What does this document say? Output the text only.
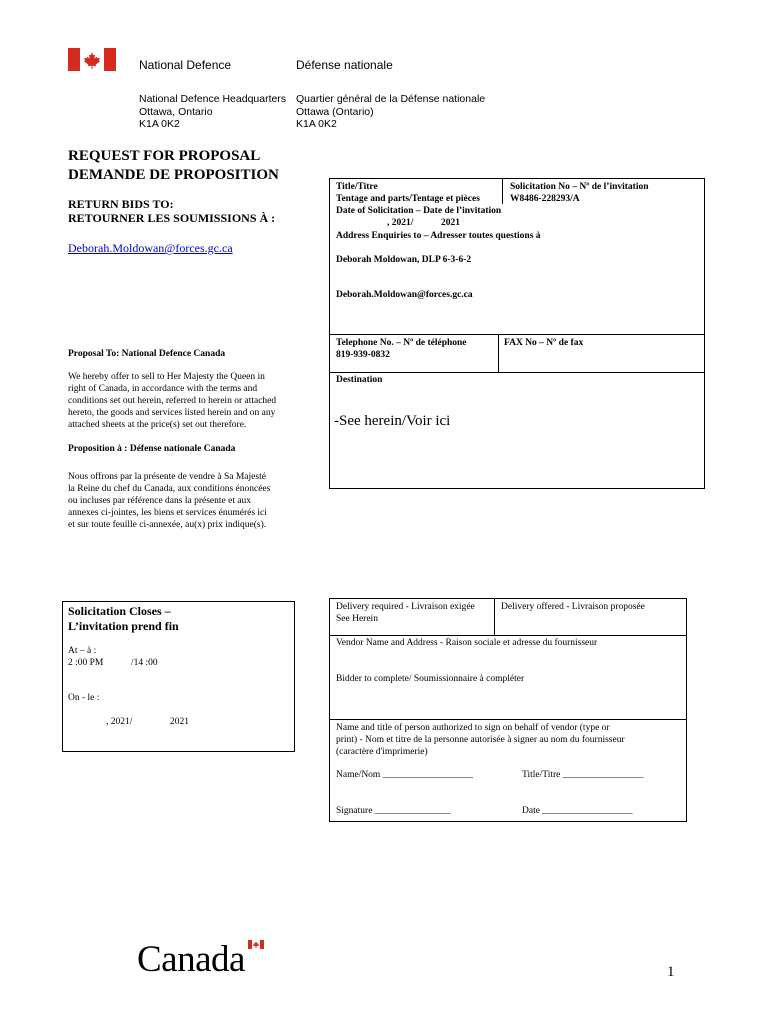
National Defence	Défense nationale
National Defence Headquarters
Ottawa, Ontario
K1A 0K2
Quartier général de la Défense nationale
Ottawa (Ontario)
K1A 0K2
REQUEST FOR PROPOSAL
DEMANDE DE PROPOSITION
RETURN BIDS TO:
RETOURNER LES SOUMISSIONS À :
Deborah.Moldowan@forces.gc.ca
Proposal To: National Defence Canada
We hereby offer to sell to Her Majesty the Queen in
right of Canada, in accordance with the terms and
conditions set out herein, referred to herein or attached
hereto, the goods and services listed herein and on any
attached sheets at the price(s) set out therefore.
Proposition à : Défense nationale Canada
Nous offrons par la présente de vendre à Sa Majesté
la Reine du chef du Canada, aux conditions énoncées
ou incluses par référence dans la présente et aux
annexes ci-jointes, les biens et services énumérés ici
et sur toute feuille ci-annexée, au(x) prix indique(s).
Solicitation Closes –
L’invitation prend fin
At – à :
2 :00 PM	/14 :00
On - le :
, 2021/	2021
Title/Titre
Tentage and parts/Tentage et pièces
Solicitation No – Nº de l’invitation
W8486-228293/A
Date of Solicitation – Date de l’invitation
, 2021/	2021
Address Enquiries to – Adresser toutes questions à
Deborah Moldowan, DLP 6-3-6-2
Deborah.Moldowan@forces.gc.ca
Telephone No. – Nº de téléphone
819-939-0832
FAX No – Nº de fax
Destination
-See herein/Voir ici
Delivery required - Livraison exigée
See Herein
Delivery offered - Livraison proposée
Vendor Name and Address - Raison sociale et adresse du fournisseur
Bidder to complete/ Soumissionnaire à compléter
Name and title of person authorized to sign on behalf of vendor (type or
print) - Nom et titre de la personne autorisée à signer au nom du fournisseur
(caractère d'imprimerie)
Name/Nom ___________________	Title/Titre _________________
Signature ________________	Date ___________________
Canada	1
